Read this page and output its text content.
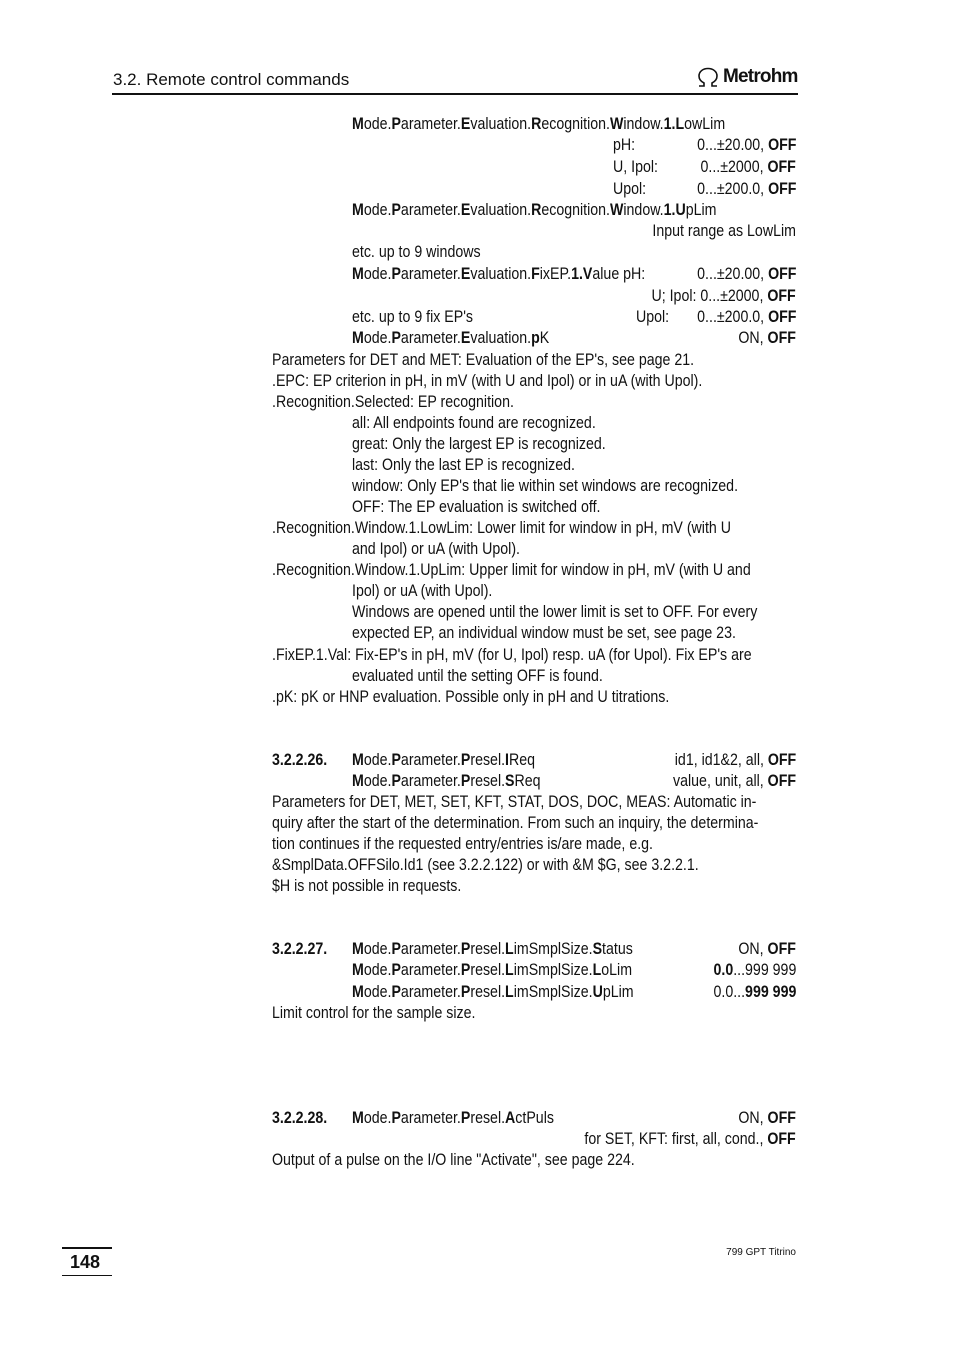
3.2. Remote control commands	Metrohm
Mode.Parameter.Evaluation.Recognition.Window.1.LowLim
pH:	0...±20.00, OFF
U, Ipol:	0...±2000, OFF
Upol:	0...±200.0, OFF
Mode.Parameter.Evaluation.Recognition.Window.1.UpLim
Input range as LowLim
etc. up to 9 windows
Mode.Parameter.Evaluation.FixEP.1.Value pH:	0...±20.00, OFF
U; Ipol: 0...±2000, OFF
etc. up to 9 fix EP's	Upol: 0...±200.0, OFF
Mode.Parameter.Evaluation.pK	ON, OFF
Parameters for DET and MET: Evaluation of the EP's, see page 21.
.EPC: EP criterion in pH, in mV (with U and Ipol) or in uA (with Upol).
.Recognition.Selected: EP recognition.
all: All endpoints found are recognized.
great: Only the largest EP is recognized.
last: Only the last EP is recognized.
window: Only EP's that lie within set windows are recognized.
OFF: The EP evaluation is switched off.
.Recognition.Window.1.LowLim: Lower limit for window in pH, mV (with U
and Ipol) or uA (with Upol).
.Recognition.Window.1.UpLim: Upper limit for window in pH, mV (with U and
Ipol) or uA (with Upol).
Windows are opened until the lower limit is set to OFF. For every
expected EP, an individual window must be set, see page 23.
.FixEP.1.Val: Fix-EP's in pH, mV (for U, Ipol) resp. uA (for Upol). Fix EP's are
evaluated until the setting OFF is found.
.pK: pK or HNP evaluation. Possible only in pH and U titrations.
3.2.2.26. Mode.Parameter.Presel.IReq	id1, id1&2, all, OFF
Mode.Parameter.Presel.SReq	value, unit, all, OFF
Parameters for DET, MET, SET, KFT, STAT, DOS, DOC, MEAS: Automatic in-
quiry after the start of the determination. From such an inquiry, the determina-
tion continues if the requested entry/entries is/are made, e.g.
&SmplData.OFFSilo.Id1 (see 3.2.2.122) or with &M $G, see 3.2.2.1.
$H is not possible in requests.
3.2.2.27. Mode.Parameter.Presel.LimSmplSize.Status	ON, OFF
Mode.Parameter.Presel.LimSmplSize.LoLim	0.0...999 999
Mode.Parameter.Presel.LimSmplSize.UpLim	0.0...999 999
Limit control for the sample size.
3.2.2.28. Mode.Parameter.Presel.ActPuls	ON, OFF
for SET, KFT: first, all, cond., OFF
Output of a pulse on the I/O line "Activate", see page 224.
148	799 GPT Titrino
